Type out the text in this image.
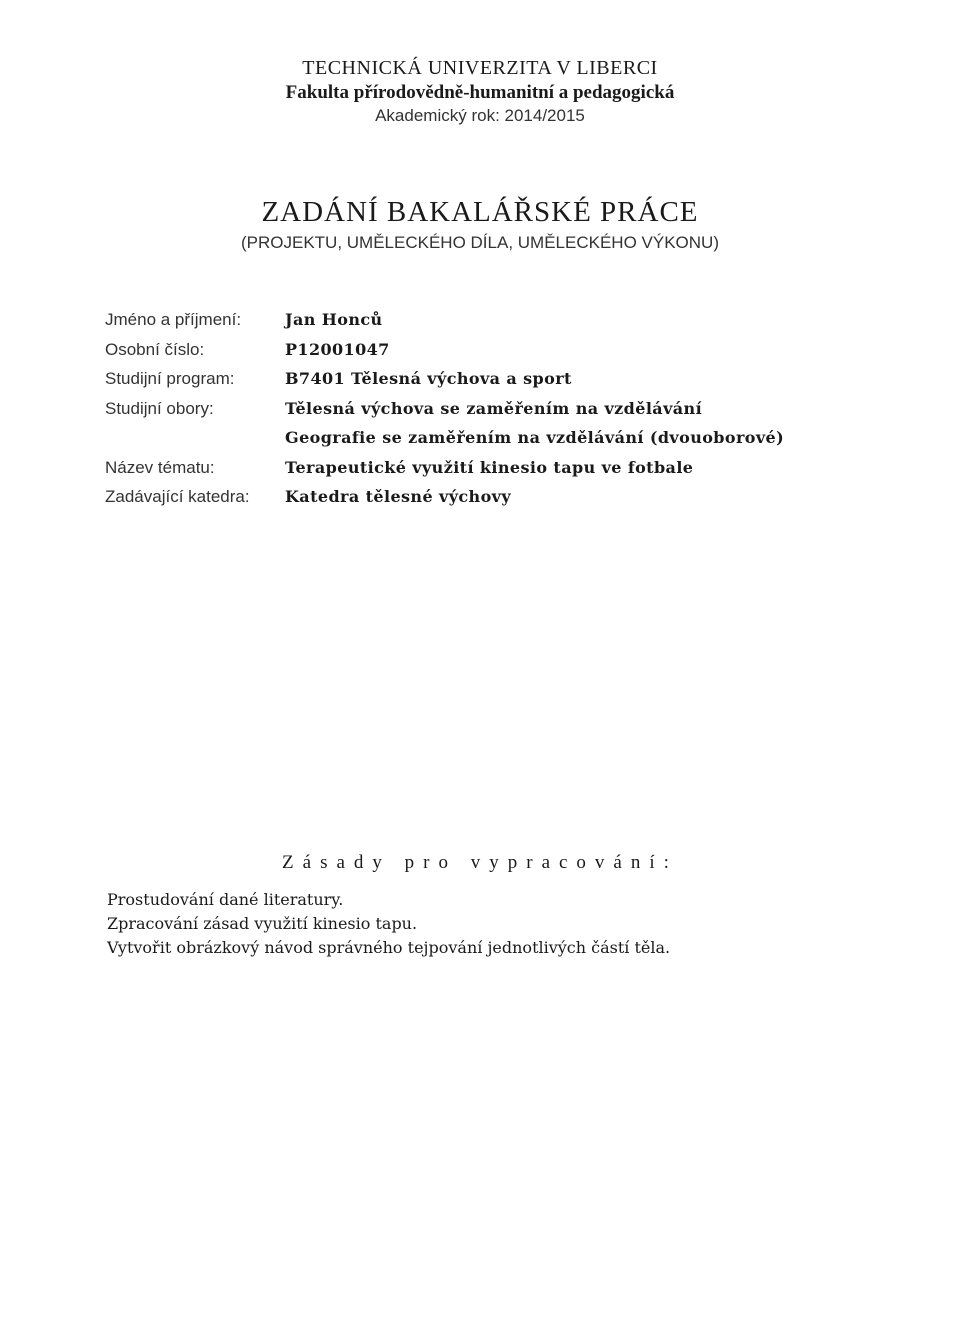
TECHNICKÁ UNIVERZITA V LIBERCI
Fakulta přírodovědně-humanitní a pedagogická
Akademický rok: 2014/2015
ZADÁNÍ BAKALÁŘSKÉ PRÁCE
(PROJEKTU, UMĚLECKÉHO DÍLA, UMĚLECKÉHO VÝKONU)
Jméno a příjmení:	Jan Honců
Osobní číslo:	P12001047
Studijní program:	B7401 Tělesná výchova a sport
Studijní obory:	Tělesná výchova se zaměřením na vzdělávání
Geografie se zaměřením na vzdělávání (dvouoborové)
Název tématu:	Terapeutické využití kinesio tapu ve fotbale
Zadávající katedra:	Katedra tělesné výchovy
Zásady pro vypracování:
Prostudování dané literatury.
Zpracování zásad využití kinesio tapu.
Vytvořit obrázkový návod správného tejpování jednotlivých částí těla.
